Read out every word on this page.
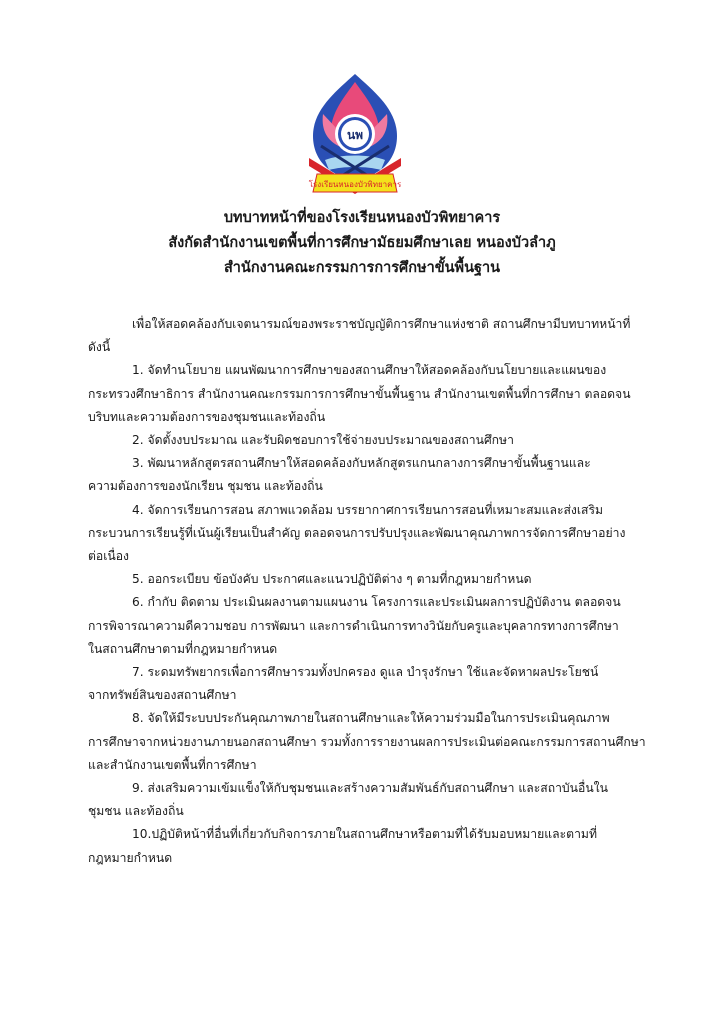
นพ
โรงเรียนหนองบัวพิทยาคาร
บทบาทหน้าที่ของโรงเรียนหนองบัวพิทยาคาร
สังกัดสำนักงานเขตพื้นที่การศึกษามัธยมศึกษาเลย หนองบัวลำภู
สำนักงานคณะกรรมการการศึกษาขั้นพื้นฐาน
เพื่อให้สอดคล้องกับเจตนารมณ์ของพระราชบัญญัติการศึกษาแห่งชาติ สถานศึกษามีบทบาทหน้าที่
ดังนี้
1. จัดทำนโยบาย แผนพัฒนาการศึกษาของสถานศึกษาให้สอดคล้องกับนโยบายและแผนของ
กระทรวงศึกษาธิการ สำนักงานคณะกรรมการการศึกษาขั้นพื้นฐาน สำนักงานเขตพื้นที่การศึกษา ตลอดจน
บริบทและความต้องการของชุมชนและท้องถิ่น
2. จัดตั้งงบประมาณ และรับผิดชอบการใช้จ่ายงบประมาณของสถานศึกษา
3. พัฒนาหลักสูตรสถานศึกษาให้สอดคล้องกับหลักสูตรแกนกลางการศึกษาขั้นพื้นฐานและ
ความต้องการของนักเรียน ชุมชน และท้องถิ่น
4. จัดการเรียนการสอน สภาพแวดล้อม บรรยากาศการเรียนการสอนที่เหมาะสมและส่งเสริม
กระบวนการเรียนรู้ที่เน้นผู้เรียนเป็นสำคัญ ตลอดจนการปรับปรุงและพัฒนาคุณภาพการจัดการศึกษาอย่าง
ต่อเนื่อง
5. ออกระเบียบ ข้อบังคับ ประกาศและแนวปฏิบัติต่าง ๆ ตามที่กฎหมายกำหนด
6. กำกับ ติดตาม ประเมินผลงานตามแผนงาน โครงการและประเมินผลการปฏิบัติงาน ตลอดจน
การพิจารณาความดีความชอบ การพัฒนา และการดำเนินการทางวินัยกับครูและบุคลากรทางการศึกษา
ในสถานศึกษาตามที่กฎหมายกำหนด
7. ระดมทรัพยากรเพื่อการศึกษารวมทั้งปกครอง ดูแล บำรุงรักษา ใช้และจัดหาผลประโยชน์
จากทรัพย์สินของสถานศึกษา
8. จัดให้มีระบบประกันคุณภาพภายในสถานศึกษาและให้ความร่วมมือในการประเมินคุณภาพ
การศึกษาจากหน่วยงานภายนอกสถานศึกษา รวมทั้งการรายงานผลการประเมินต่อคณะกรรมการสถานศึกษา
และสำนักงานเขตพื้นที่การศึกษา
9. ส่งเสริมความเข้มแข็งให้กับชุมชนและสร้างความสัมพันธ์กับสถานศึกษา และสถาบันอื่นใน
ชุมชน และท้องถิ่น
10.ปฏิบัติหน้าที่อื่นที่เกี่ยวกับกิจการภายในสถานศึกษาหรือตามที่ได้รับมอบหมายและตามที่
กฎหมายกำหนด
